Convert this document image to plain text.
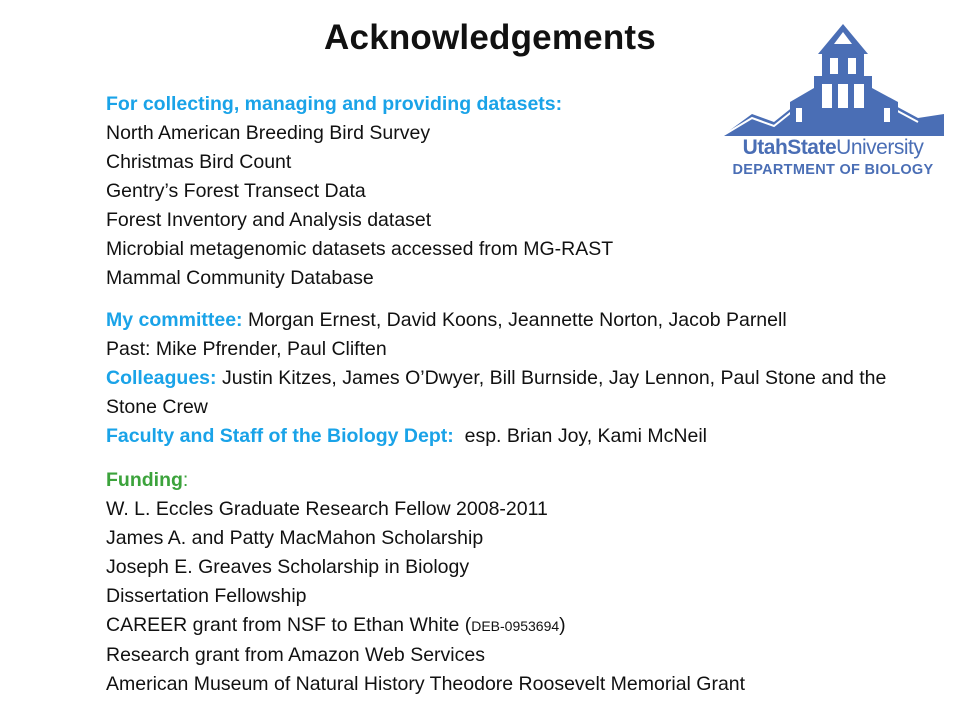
Acknowledgements
UtahStateUniversity
DEPARTMENT OF BIOLOGY
For collecting, managing and providing datasets:
North American Breeding Bird Survey
Christmas Bird Count
Gentry’s Forest Transect Data
Forest Inventory and Analysis dataset
Microbial metagenomic datasets accessed from MG-RAST
Mammal Community Database
My committee: Morgan Ernest, David Koons, Jeannette Norton, Jacob Parnell
Past: Mike Pfrender, Paul Cliften
Colleagues: Justin Kitzes, James O’Dwyer, Bill Burnside, Jay Lennon, Paul Stone and the Stone Crew
Faculty and Staff of the Biology Dept:  esp. Brian Joy, Kami McNeil
Funding:
W. L. Eccles Graduate Research Fellow 2008-2011
James A. and Patty MacMahon Scholarship
Joseph E. Greaves Scholarship in Biology
Dissertation Fellowship
CAREER grant from NSF to Ethan White (DEB-0953694)
Research grant from Amazon Web Services
American Museum of Natural History Theodore Roosevelt Memorial Grant
